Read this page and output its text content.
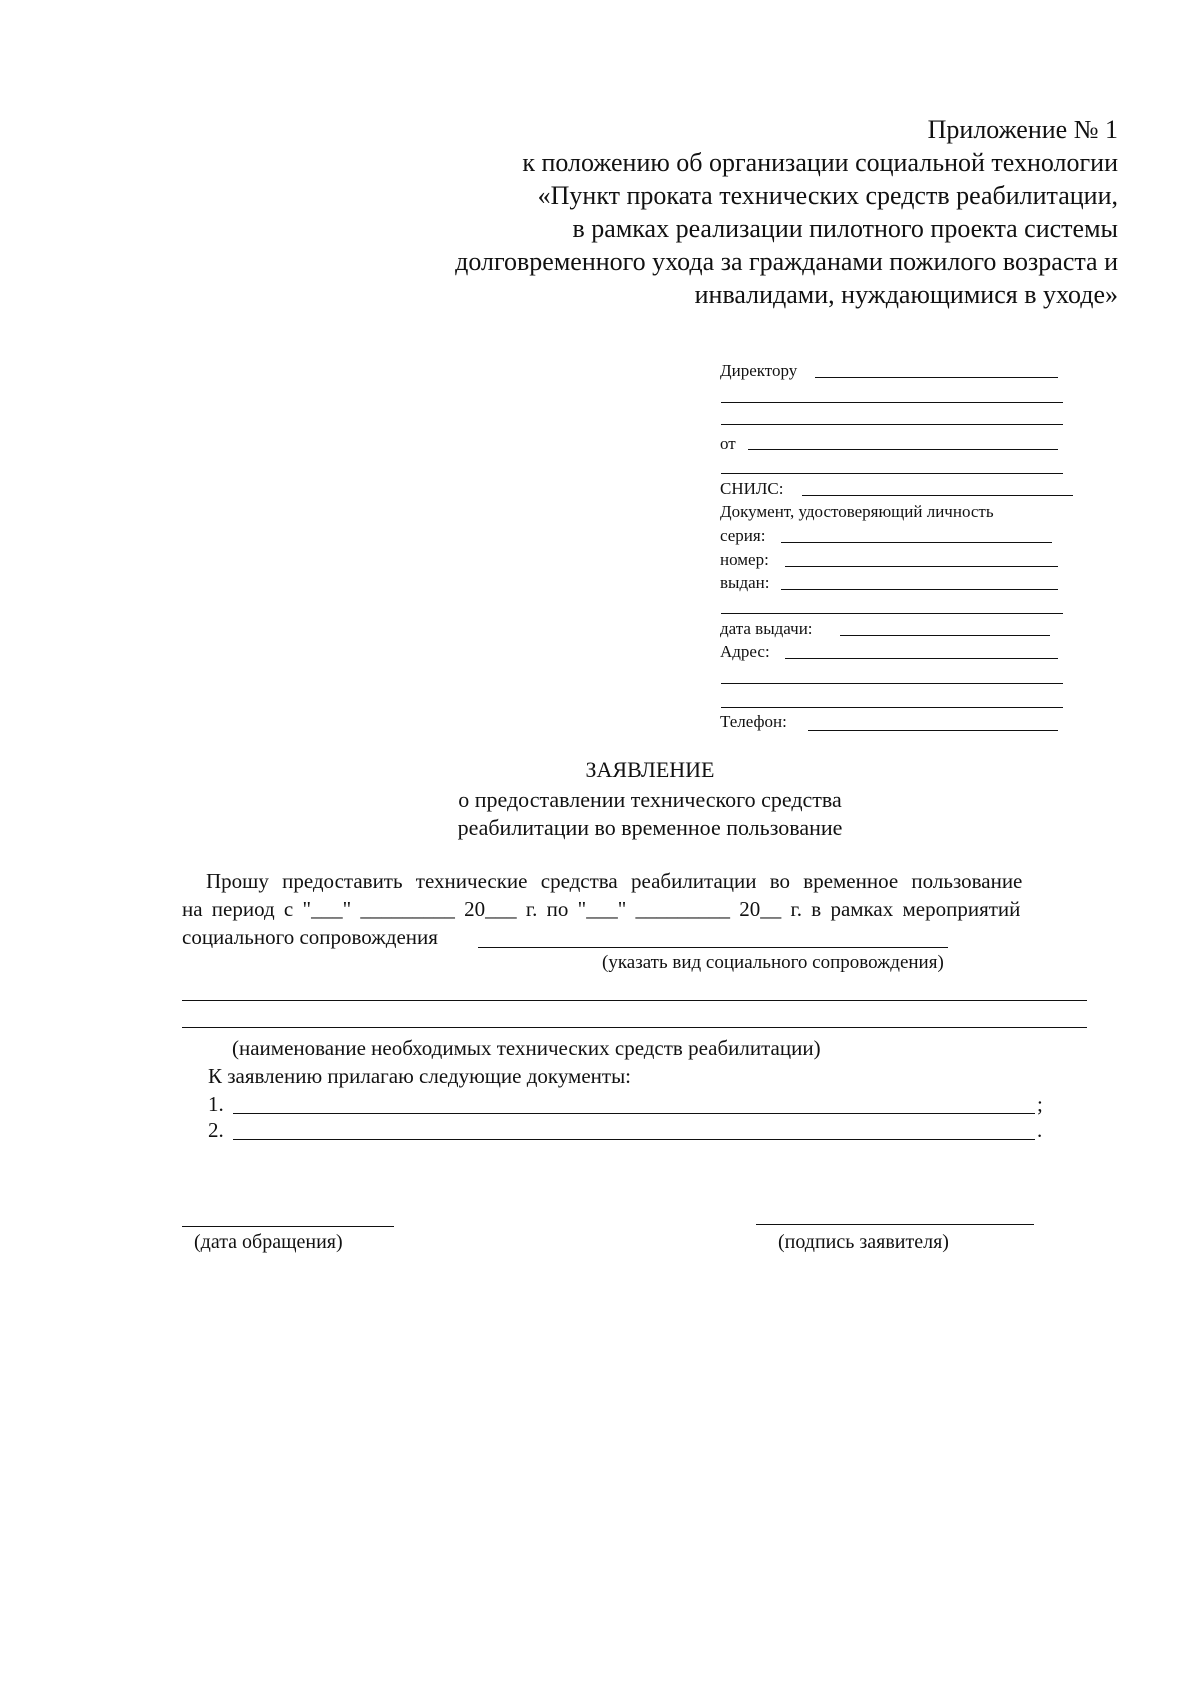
Приложение № 1
к положению об организации социальной технологии
«Пункт проката технических средств реабилитации,
в рамках реализации пилотного проекта системы
долговременного ухода за гражданами пожилого возраста и
инвалидами, нуждающимися в уходе»
Директору
от
СНИЛС:
Документ, удостоверяющий личность
серия:
номер:
выдан:
дата выдачи:
Адрес:
Телефон:
ЗАЯВЛЕНИЕ
о предоставлении технического средства
реабилитации во временное пользование
Прошу предоставить технические средства реабилитации во временное пользование
на период с "___" _________ 20___ г. по "___" _________ 20__ г. в рамках мероприятий
социального сопровождения
(указать вид социального сопровождения)
(наименование необходимых технических средств реабилитации)
К заявлению прилагаю следующие документы:
1.	;
2.	.
(дата обращения)	(подпись заявителя)
